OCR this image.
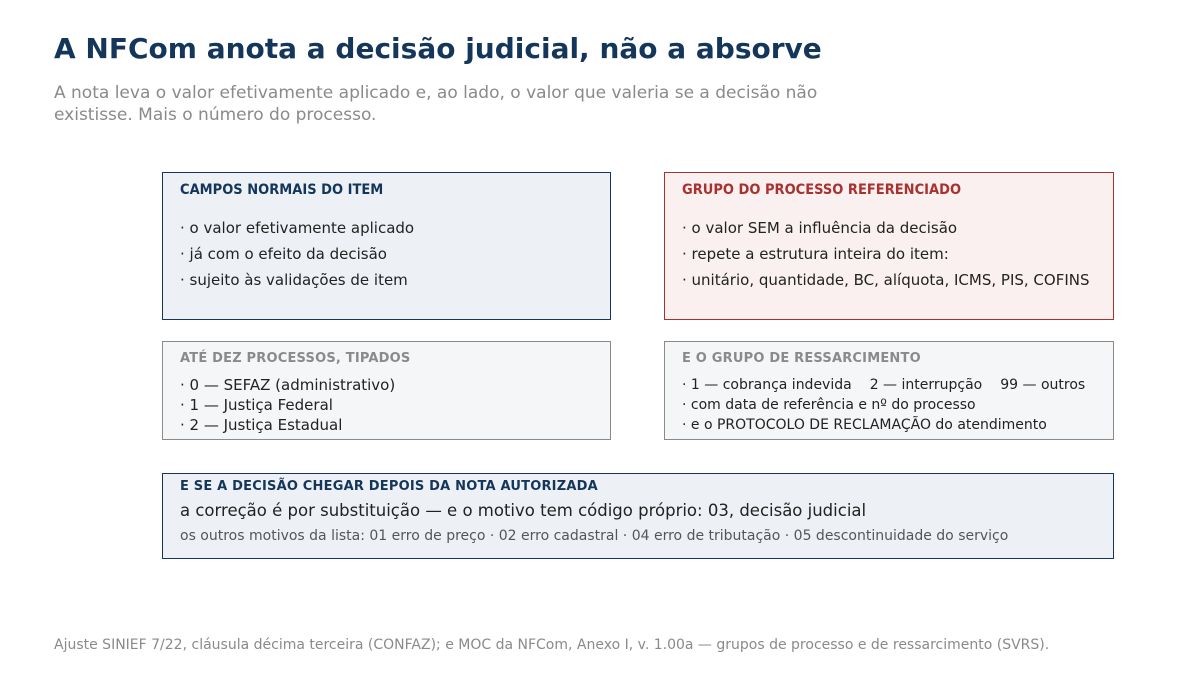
A NFCom anota a decisão judicial, não a absorve
A nota leva o valor efetivamente aplicado e, ao lado, o valor que valeria se a decisão não existisse. Mais o número do processo.
CAMPOS NORMAIS DO ITEM
· o valor efetivamente aplicado
· já com o efeito da decisão
· sujeito às validações de item
GRUPO DO PROCESSO REFERENCIADO
· o valor SEM a influência da decisão
· repete a estrutura inteira do item:
· unitário, quantidade, BC, alíquota, ICMS, PIS, COFINS
ATÉ DEZ PROCESSOS, TIPADOS
· 0 — SEFAZ (administrativo)
· 1 — Justiça Federal
· 2 — Justiça Estadual
E O GRUPO DE RESSARCIMENTO
· 1 — cobrança indevida 2 — interrupção 99 — outros
· com data de referência e nº do processo
· e o PROTOCOLO DE RECLAMAÇÃO do atendimento
E SE A DECISÃO CHEGAR DEPOIS DA NOTA AUTORIZADA
a correção é por substituição — e o motivo tem código próprio: 03, decisão judicial
os outros motivos da lista: 01 erro de preço · 02 erro cadastral · 04 erro de tributação · 05 descontinuidade do serviço
Ajuste SINIEF 7/22, cláusula décima terceira (CONFAZ); e MOC da NFCom, Anexo I, v. 1.00a — grupos de processo e de ressarcimento (SVRS).
